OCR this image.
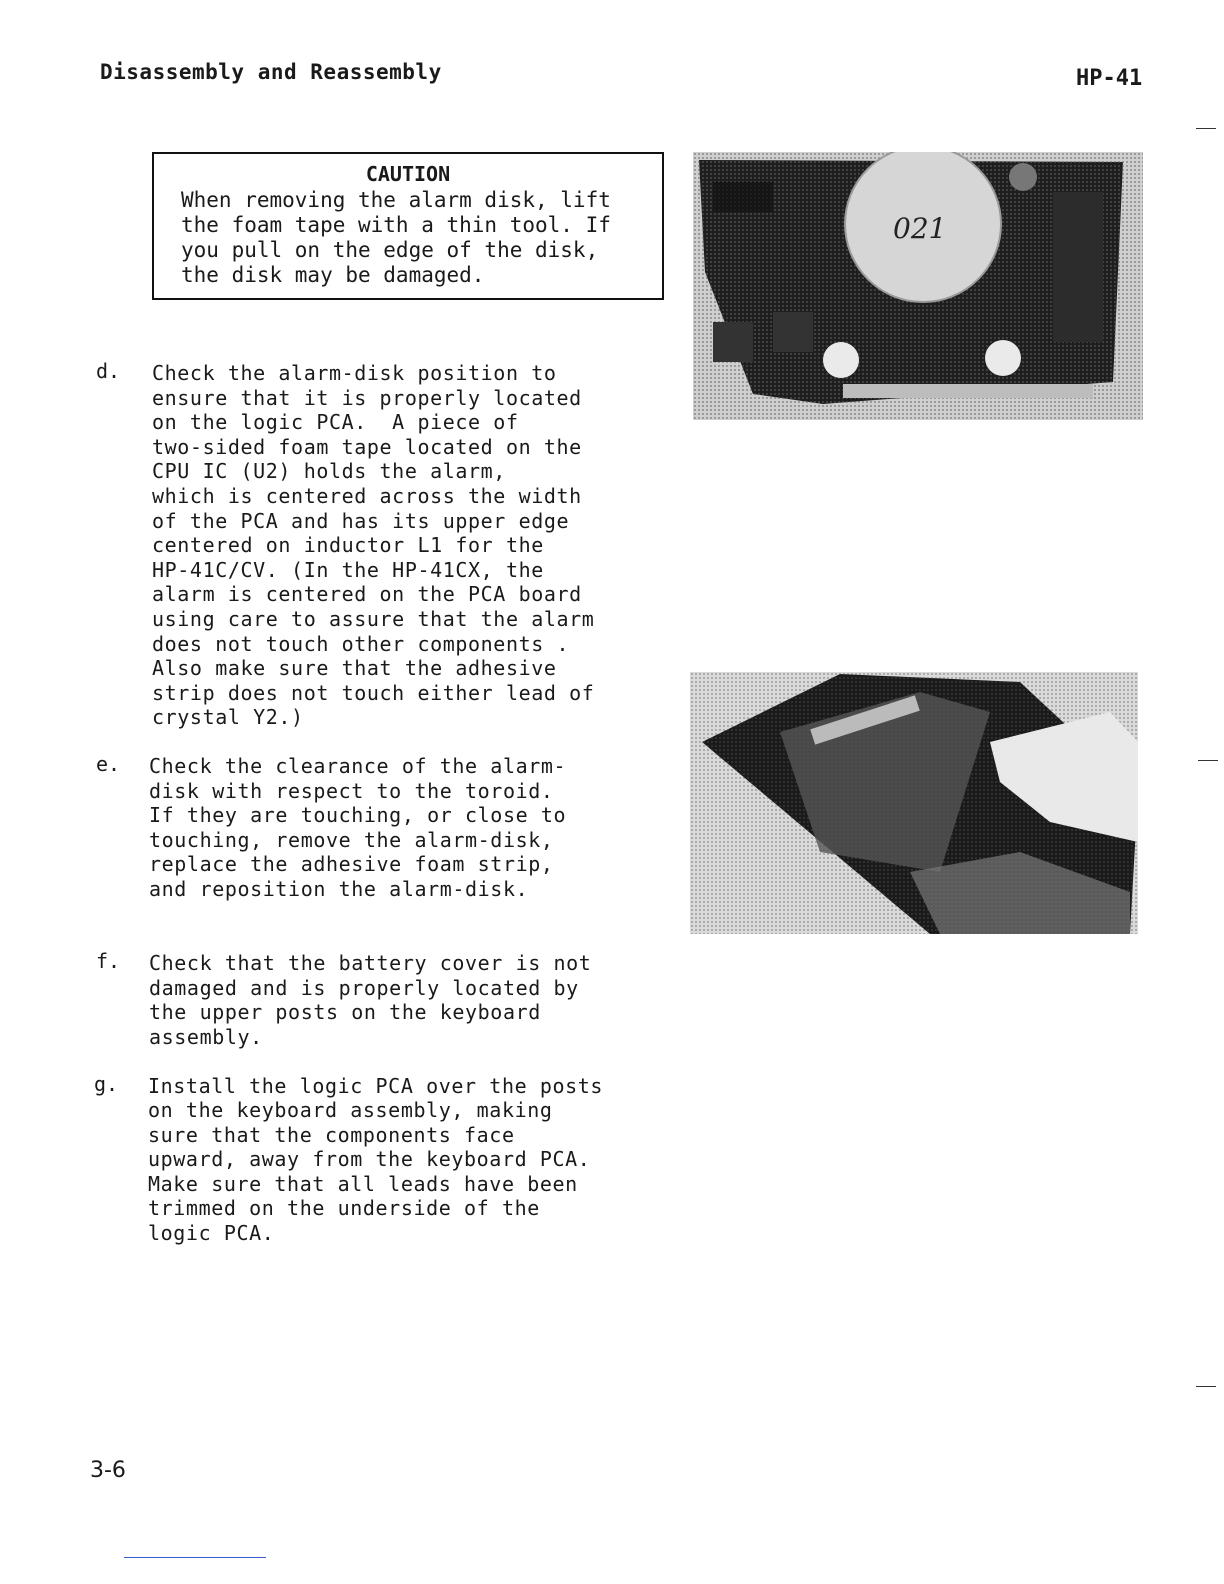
Disassembly and Reassembly	HP-41
CAUTION
When removing the alarm disk, lift
the foam tape with a thin tool. If
you pull on the edge of the disk,
the disk may be damaged.
d. Check the alarm-disk position to
ensure that it is properly located
on the logic PCA.  A piece of
two-sided foam tape located on the
CPU IC (U2) holds the alarm,
which is centered across the width
of the PCA and has its upper edge
centered on inductor L1 for the
HP-41C/CV. (In the HP-41CX, the
alarm is centered on the PCA board
using care to assure that the alarm
does not touch other components .
Also make sure that the adhesive
strip does not touch either lead of
crystal Y2.)
e. Check the clearance of the alarm-
disk with respect to the toroid.
If they are touching, or close to
touching, remove the alarm-disk,
replace the adhesive foam strip,
and reposition the alarm-disk.
f. Check that the battery cover is not
damaged and is properly located by
the upper posts on the keyboard
assembly.
g. Install the logic PCA over the posts
on the keyboard assembly, making
sure that the components face
upward, away from the keyboard PCA.
Make sure that all leads have been
trimmed on the underside of the
logic PCA.
021
3-6
